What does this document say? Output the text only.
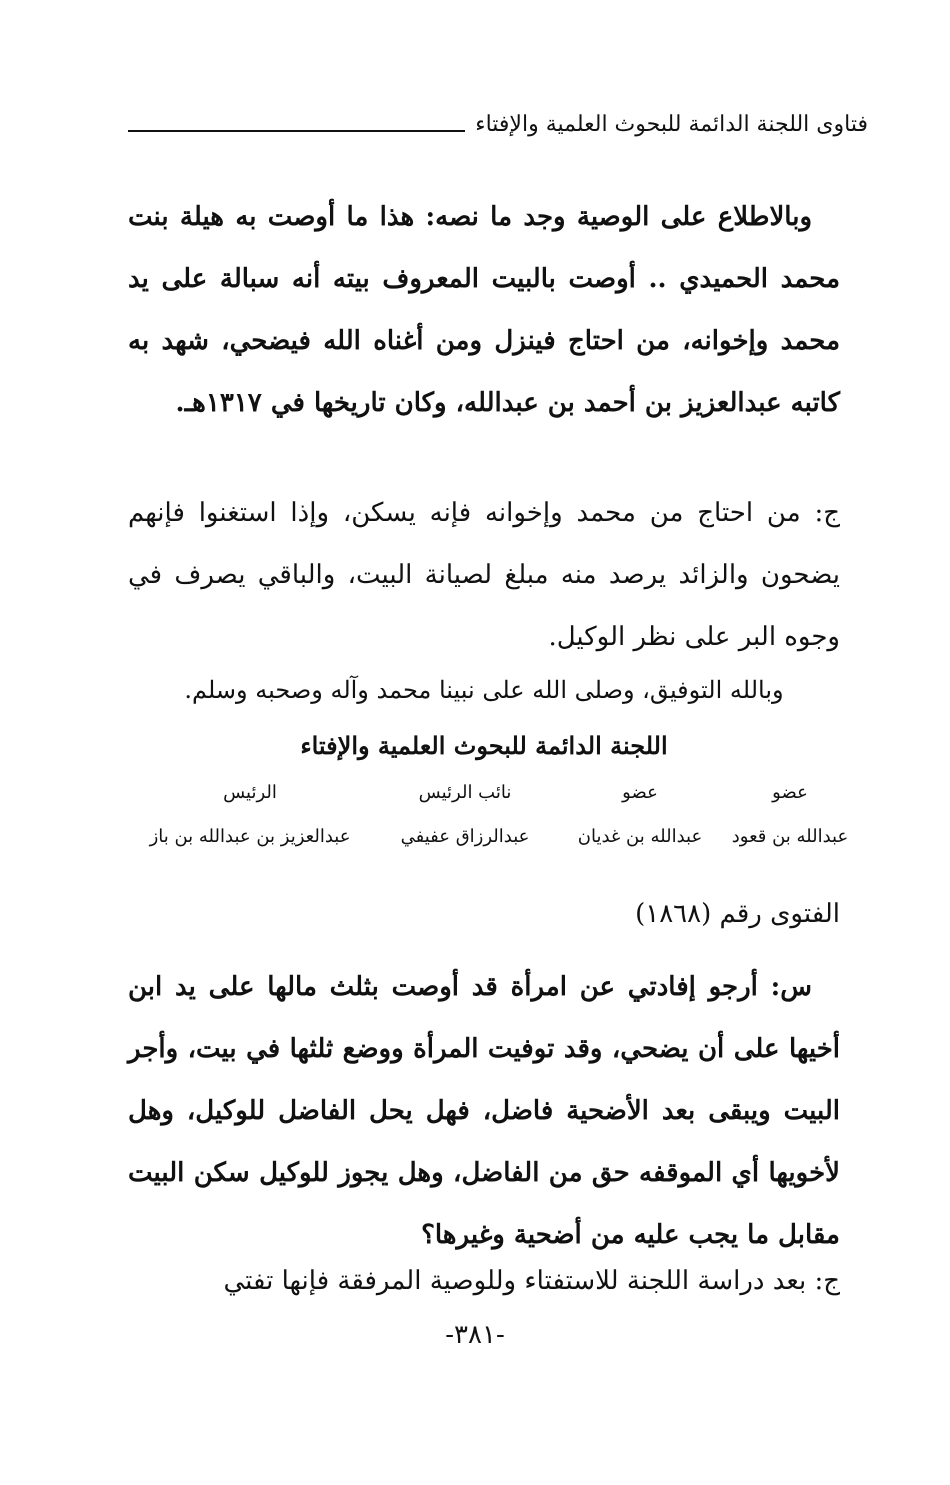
فتاوى اللجنة الدائمة للبحوث العلمية والإفتاء

وبالاطلاع على الوصية وجد ما نصه: هذا ما أوصت به هيلة بنت محمد الحميدي .. أوصت بالبيت المعروف بيته أنه سبالة على يد محمد وإخوانه، من احتاج فينزل ومن أغناه الله فيضحي، شهد به كاتبه عبدالعزيز بن أحمد بن عبدالله، وكان تاريخها في ١٣١٧هـ.

ج: من احتاج من محمد وإخوانه فإنه يسكن، وإذا استغنوا فإنهم يضحون والزائد يرصد منه مبلغ لصيانة البيت، والباقي يصرف في وجوه البر على نظر الوكيل.

وبالله التوفيق، وصلى الله على نبينا محمد وآله وصحبه وسلم.
اللجنة الدائمة للبحوث العلمية والإفتاء
عضو
عضو
نائب الرئيس
الرئيس
عبدالله بن قعود
عبدالله بن غديان
عبدالرزاق عفيفي
عبدالعزيز بن عبدالله بن باز
الفتوى رقم (١٨٦٨)

س: أرجو إفادتي عن امرأة قد أوصت بثلث مالها على يد ابن أخيها على أن يضحي، وقد توفيت المرأة ووضع ثلثها في بيت، وأجر البيت ويبقى بعد الأضحية فاضل، فهل يحل الفاضل للوكيل، وهل لأخويها أي الموقفه حق من الفاضل، وهل يجوز للوكيل سكن البيت مقابل ما يجب عليه من أضحية وغيرها؟

ج: بعد دراسة اللجنة للاستفتاء وللوصية المرفقة فإنها تفتي

-٣٨١-
